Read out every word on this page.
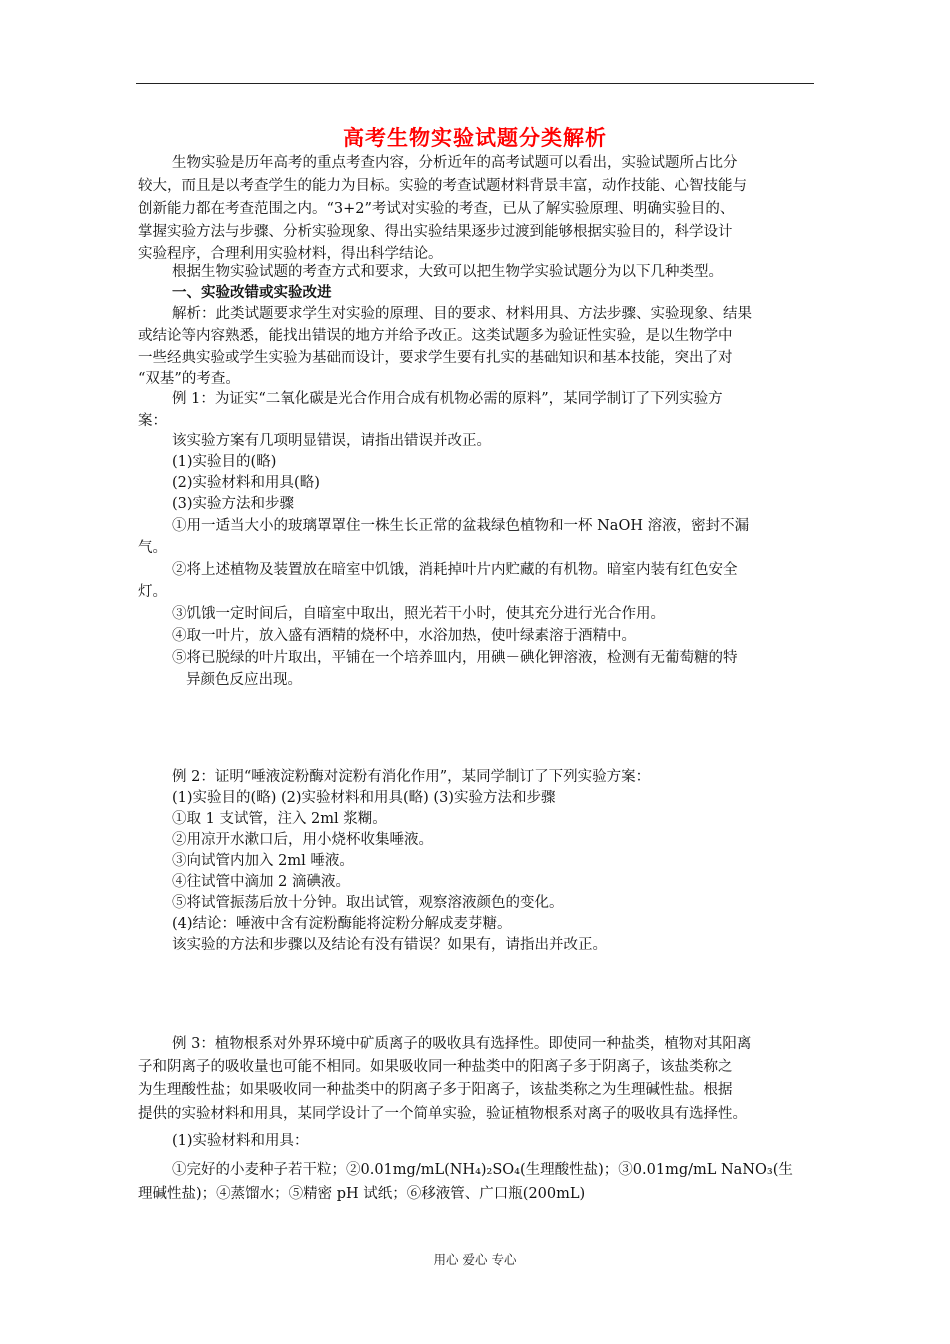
高考生物实验试题分类解析
生物实验是历年高考的重点考查内容，分析近年的高考试题可以看出，实验试题所占比分
较大，而且是以考查学生的能力为目标。实验的考查试题材料背景丰富，动作技能、心智技能与
创新能力都在考查范围之内。“3+2”考试对实验的考查，已从了解实验原理、明确实验目的、
掌握实验方法与步骤、分析实验现象、得出实验结果逐步过渡到能够根据实验目的，科学设计
实验程序，合理利用实验材料，得出科学结论。
根据生物实验试题的考查方式和要求，大致可以把生物学实验试题分为以下几种类型。
一、实验改错或实验改进
解析：此类试题要求学生对实验的原理、目的要求、材料用具、方法步骤、实验现象、结果
或结论等内容熟悉，能找出错误的地方并给予改正。这类试题多为验证性实验，是以生物学中
一些经典实验或学生实验为基础而设计，要求学生要有扎实的基础知识和基本技能，突出了对
“双基”的考查。
例 1：为证实“二氧化碳是光合作用合成有机物必需的原料”，某同学制订了下列实验方
案：
该实验方案有几项明显错误，请指出错误并改正。
(1)实验目的(略)
(2)实验材料和用具(略)
(3)实验方法和步骤
①用一适当大小的玻璃罩罩住一株生长正常的盆栽绿色植物和一杯 NaOH 溶液，密封不漏
气。
②将上述植物及装置放在暗室中饥饿，消耗掉叶片内贮藏的有机物。暗室内装有红色安全
灯。
③饥饿一定时间后，自暗室中取出，照光若干小时，使其充分进行光合作用。
④取一叶片，放入盛有酒精的烧杯中，水浴加热，使叶绿素溶于酒精中。
⑤将已脱绿的叶片取出，平铺在一个培养皿内，用碘－碘化钾溶液，检测有无葡萄糖的特
异颜色反应出现。
例 2：证明“唾液淀粉酶对淀粉有消化作用”，某同学制订了下列实验方案：
(1)实验目的(略) (2)实验材料和用具(略) (3)实验方法和步骤
①取 1 支试管，注入 2ml 浆糊。
②用凉开水漱口后，用小烧杯收集唾液。
③向试管内加入 2ml 唾液。
④往试管中滴加 2 滴碘液。
⑤将试管振荡后放十分钟。取出试管，观察溶液颜色的变化。
(4)结论：唾液中含有淀粉酶能将淀粉分解成麦芽糖。
该实验的方法和步骤以及结论有没有错误？如果有，请指出并改正。
例 3：植物根系对外界环境中矿质离子的吸收具有选择性。即使同一种盐类，植物对其阳离
子和阴离子的吸收量也可能不相同。如果吸收同一种盐类中的阳离子多于阴离子，该盐类称之
为生理酸性盐；如果吸收同一种盐类中的阴离子多于阳离子，该盐类称之为生理碱性盐。根据
提供的实验材料和用具，某同学设计了一个简单实验，验证植物根系对离子的吸收具有选择性。
(1)实验材料和用具：
①完好的小麦种子若干粒；②0.01mg/mL(NH₄)₂SO₄(生理酸性盐)；③0.01mg/mL NaNO₃(生
理碱性盐)；④蒸馏水；⑤精密 pH 试纸；⑥移液管、广口瓶(200mL)
用心 爱心 专心
